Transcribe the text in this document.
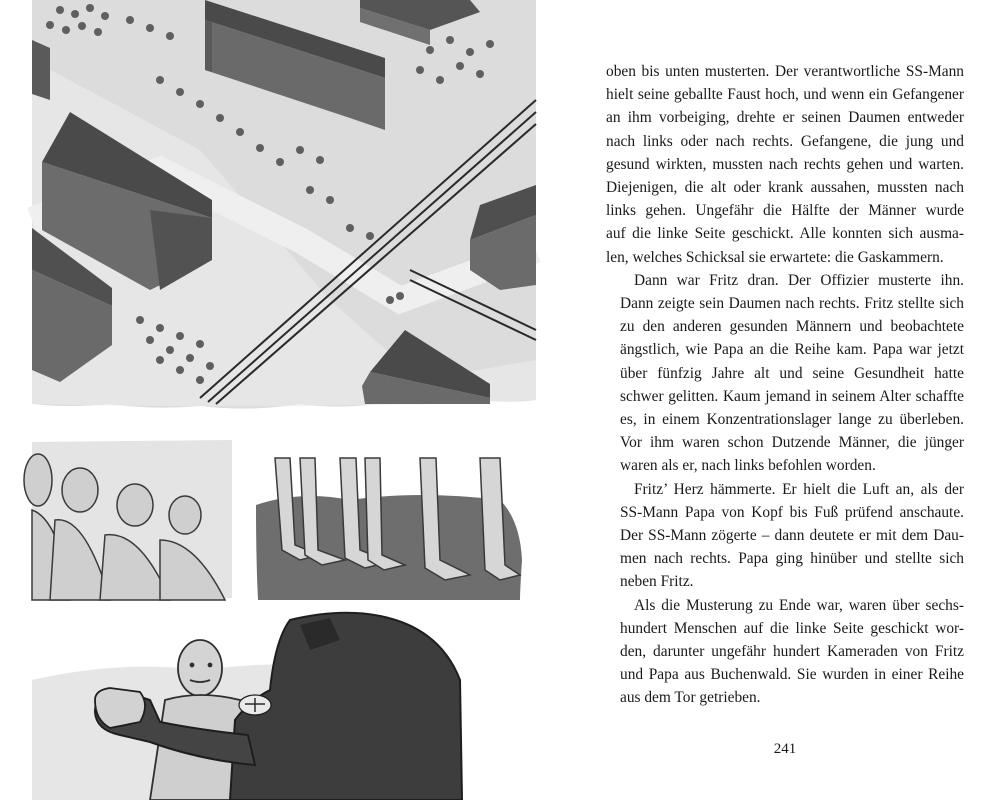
oben bis unten musterten. Der verantwortliche SS-Mann
hielt seine geballte Faust hoch, und wenn ein Gefangener
an ihm vorbeiging, drehte er seinen Daumen entweder
nach links oder nach rechts. Gefangene, die jung und
gesund wirkten, mussten nach rechts gehen und warten.
Diejenigen, die alt oder krank aussahen, mussten nach
links gehen. Ungefähr die Hälfte der Männer wurde
auf die linke Seite geschickt. Alle konnten sich ausma-
len, welches Schicksal sie erwartete: die Gaskammern.

Dann war Fritz dran. Der Offizier musterte ihn.
Dann zeigte sein Daumen nach rechts. Fritz stellte sich
zu den anderen gesunden Männern und beobachtete
ängstlich, wie Papa an die Reihe kam. Papa war jetzt
über fünfzig Jahre alt und seine Gesundheit hatte
schwer gelitten. Kaum jemand in seinem Alter schaffte
es, in einem Konzentrationslager lange zu überleben.
Vor ihm waren schon Dutzende Männer, die jünger
waren als er, nach links befohlen worden.

Fritz’ Herz hämmerte. Er hielt die Luft an, als der
SS-Mann Papa von Kopf bis Fuß prüfend anschaute.
Der SS-Mann zögerte – dann deutete er mit dem Dau-
men nach rechts. Papa ging hinüber und stellte sich
neben Fritz.

Als die Musterung zu Ende war, waren über sechs-
hundert Menschen auf die linke Seite geschickt wor-
den, darunter ungefähr hundert Kameraden von Fritz
und Papa aus Buchenwald. Sie wurden in einer Reihe
aus dem Tor getrieben.

241
